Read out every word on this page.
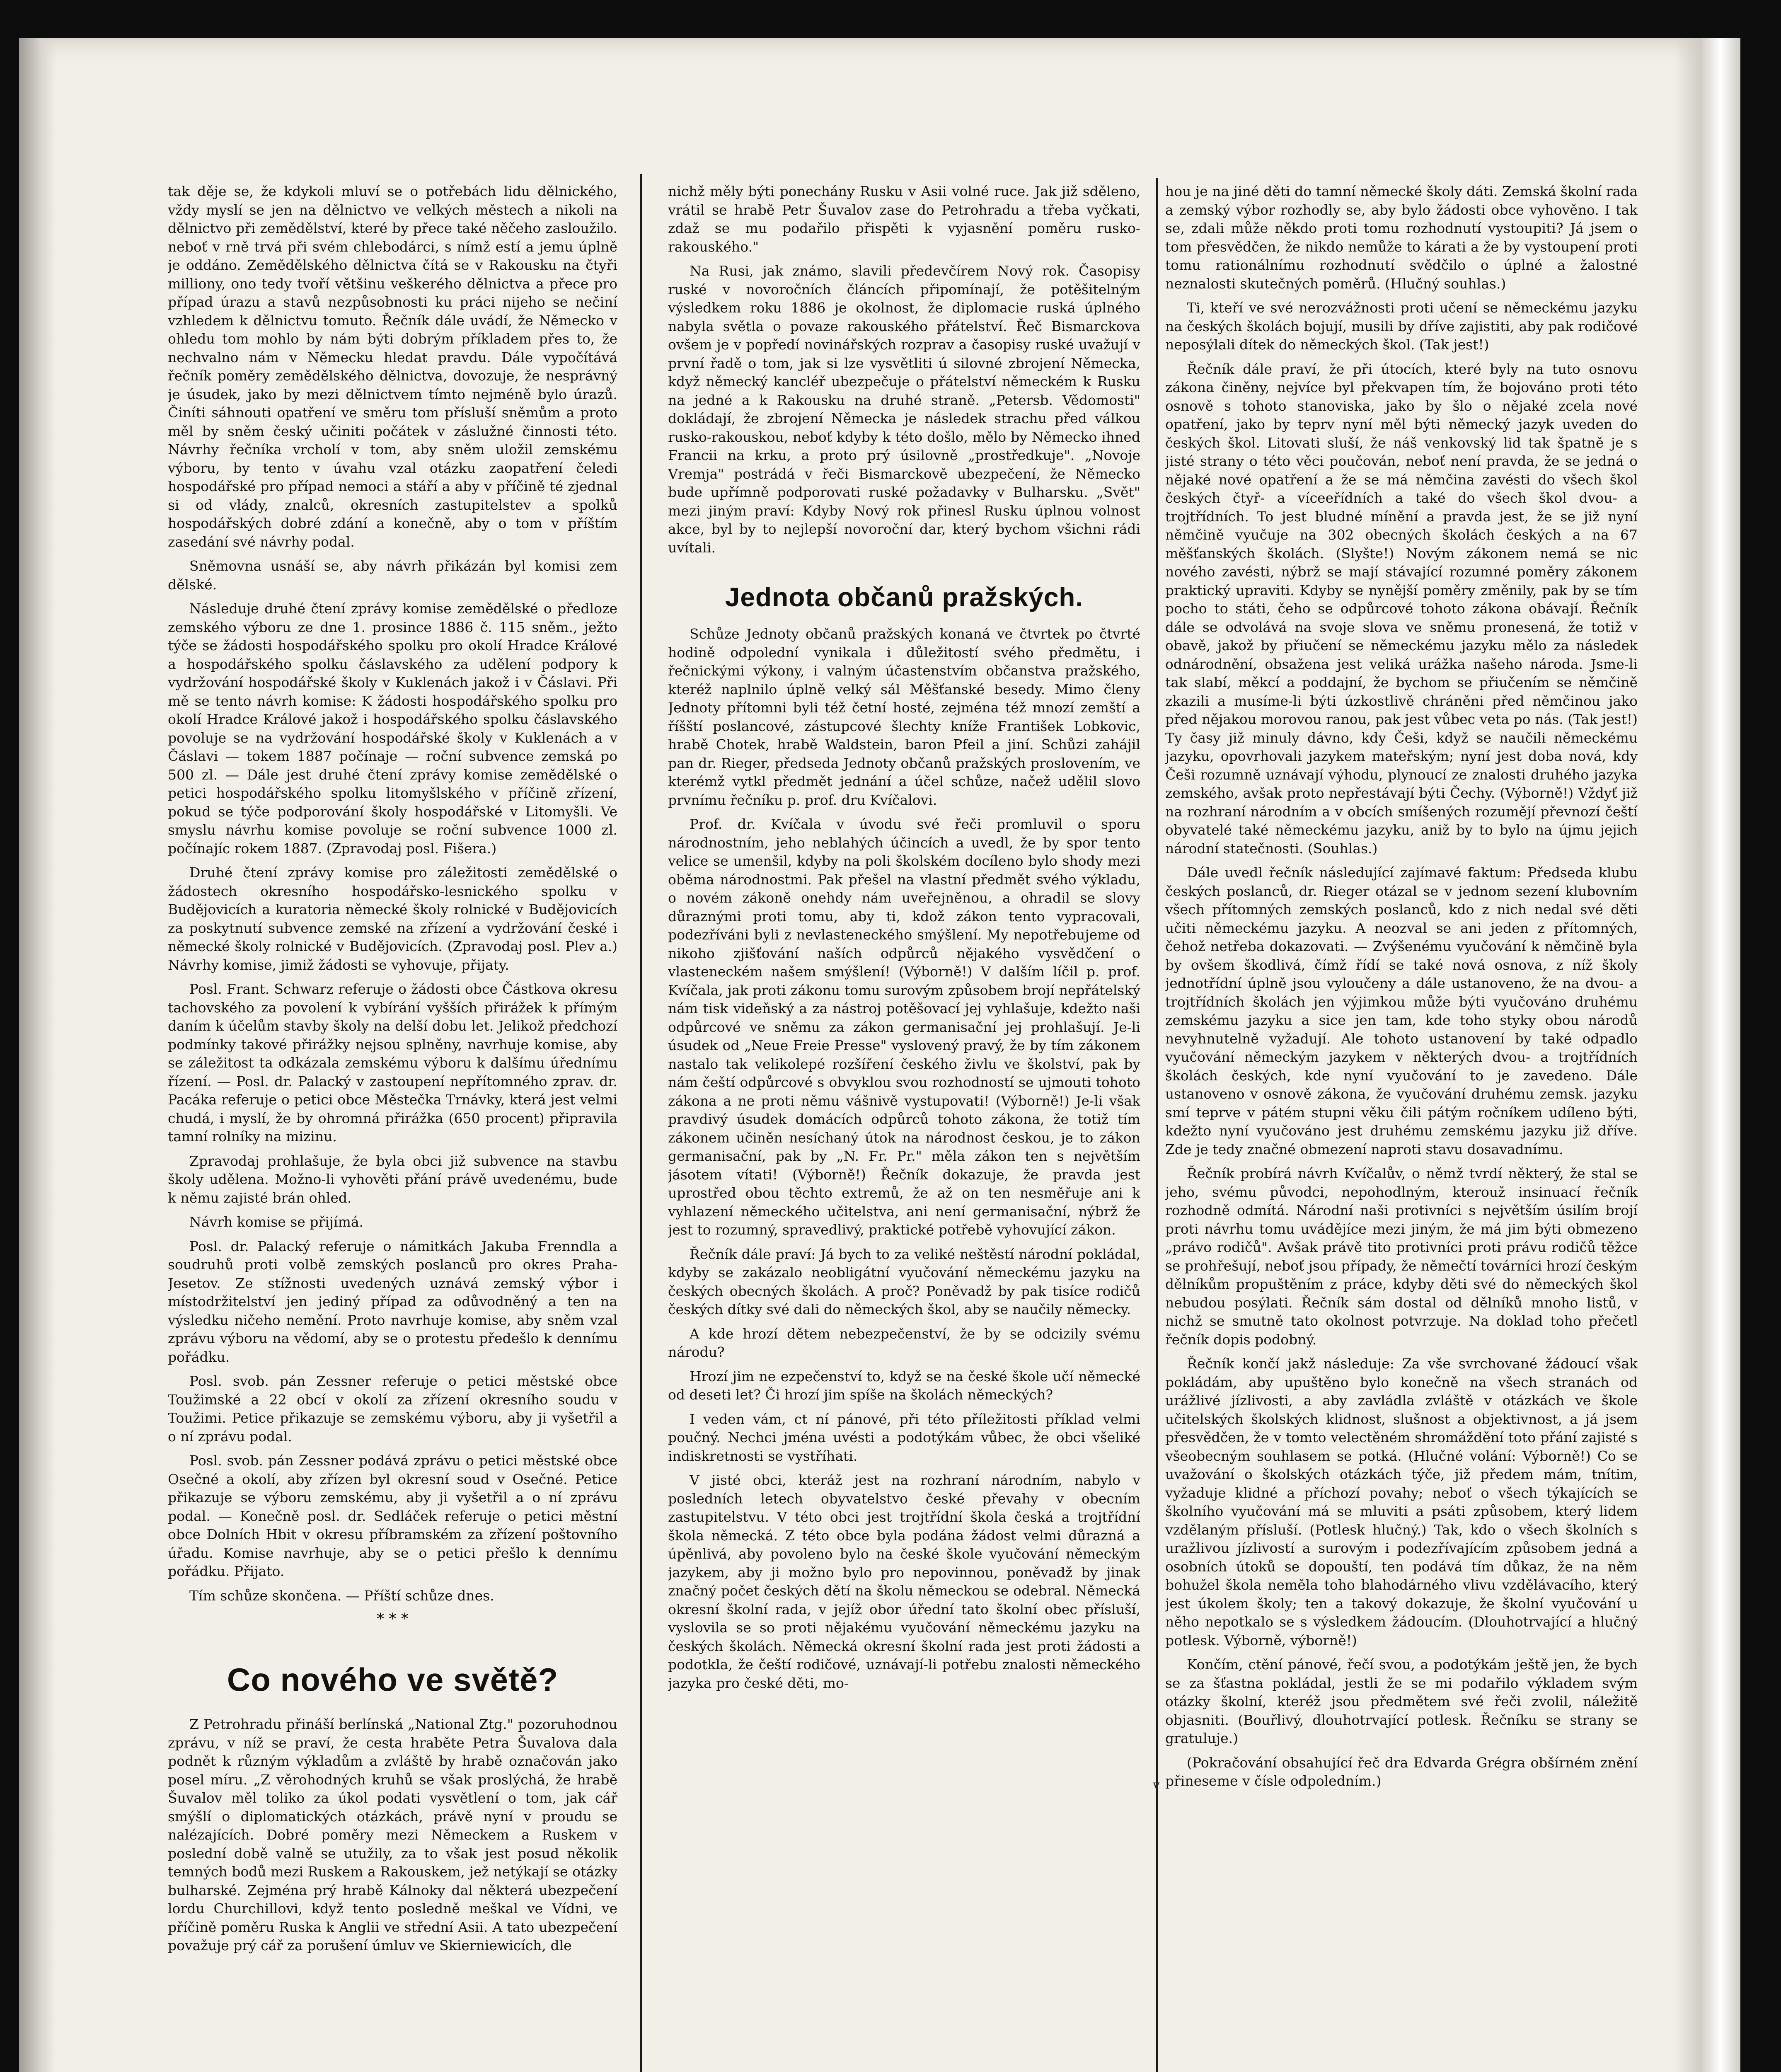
v

tak děje se, že kdykoli mluví se o potřebách lidu dělnického, vždy myslí se jen na dělnictvo ve velkých městech a nikoli na dělnictvo při zemědělství, které by přece také něčeho zasloužilo. neboť v rně trvá při svém chlebodárci, s nímž estí a jemu úplně je oddáno. Zemědělského dělnictva čítá se v Rakousku na čtyři milliony, ono tedy tvoří většinu veškerého dělnictva a přece pro případ úrazu a stavů nezpůsobnosti ku práci nijeho se nečiní vzhledem k dělnictvu tomuto. Řečník dále uvádí, že Německo v ohledu tom mohlo by nám býti dobrým příkladem přes to, že nechvalno nám v Německu hledat pravdu. Dále vypočítává řečník poměry zemědělského dělnictva, dovozuje, že nesprávný je úsudek, jako by mezi dělnictvem tímto nejméně bylo úrazů. Činíti sáhnouti opatření ve směru tom přísluší sněmům a proto měl by sněm český učiniti počátek v záslužné činnosti této. Návrhy řečníka vrcholí v tom, aby sněm uložil zemskému výboru, by tento v úvahu vzal otázku zaopatření čeledi hospodářské pro případ nemoci a stáří a aby v příčině té zjednal si od vlády, znalců, okresních zastupitelstev a spolků hospodářských dobré zdání a konečně, aby o tom v příštím zasedání své návrhy podal.

Sněmovna usnáší se, aby návrh přikázán byl komisi zem dělské.

Následuje druhé čtení zprávy komise zemědělské o předloze zemského výboru ze dne 1. prosince 1886 č. 115 sněm., ježto týče se žádosti hospodářského spolku pro okolí Hradce Králové a hospodářského spolku čáslavského za udělení podpory k vydržování hospodářské školy v Kuklenách jakož i v Čáslavi. Při mě se tento návrh komise: K žádosti hospodářského spolku pro okolí Hradce Králové jakož i hospodářského spolku čáslavského povoluje se na vydržování hospodářské školy v Kuklenách a v Čáslavi — tokem 1887 počínaje — roční subvence zemská po 500 zl. — Dále jest druhé čtení zprávy komise zemědělské o petici hospodářského spolku litomyšlského v příčině zřízení, pokud se týče podporování školy hospodářské v Litomyšli. Ve smyslu návrhu komise povoluje se roční subvence 1000 zl. počínajíc rokem 1887. (Zpravodaj posl. Fišera.)

Druhé čtení zprávy komise pro záležitosti zemědělské o žádostech okresního hospodářsko-lesnického spolku v Budějovicích a kuratoria německé školy rolnické v Budějovicích za poskytnutí subvence zemské na zřízení a vydržování české i německé školy rolnické v Budějovicích. (Zpravodaj posl. Plev a.) Návrhy komise, jimiž žádosti se vyhovuje, přijaty.

Posl. Frant. Schwarz referuje o žádosti obce Částkova okresu tachovského za povolení k vybírání vyšších přirážek k přímým daním k účelům stavby školy na delší dobu let. Jelikož předchozí podmínky takové přirážky nejsou splněny, navrhuje komise, aby se záležitost ta odkázala zemskému výboru k dalšímu úřednímu řízení. — Posl. dr. Palacký v zastoupení nepřítomného zprav. dr. Pacáka referuje o petici obce Městečka Trnávky, která jest velmi chudá, i myslí, že by ohromná přirážka (650 procent) připravila tamní rolníky na mizinu.

Zpravodaj prohlašuje, že byla obci již subvence na stavbu školy udělena. Možno-li vyhověti přání právě uvedenému, bude k němu zajisté brán ohled.

Návrh komise se přijímá.

Posl. dr. Palacký referuje o námitkách Jakuba Frenndla a soudruhů proti volbě zemských poslanců pro okres Praha-Jesetov. Ze stížnosti uvedených uznává zemský výbor i místodržitelství jen jediný případ za odůvodněný a ten na výsledku ničeho nemění. Proto navrhuje komise, aby sněm vzal zprávu výboru na vědomí, aby se o protestu předešlo k dennímu pořádku.

Posl. svob. pán Zessner referuje o petici městské obce Toužimské a 22 obcí v okolí za zřízení okresního soudu v Toužimi. Petice přikazuje se zemskému výboru, aby ji vyšetřil a o ní zprávu podal.

Posl. svob. pán Zessner podává zprávu o petici městské obce Osečné a okolí, aby zřízen byl okresní soud v Osečné. Petice přikazuje se výboru zemskému, aby ji vyšetřil a o ní zprávu podal. — Konečně posl. dr. Sedláček referuje o petici městní obce Dolních Hbit v okresu příbramském za zřízení poštovního úřadu. Komise navrhuje, aby se o petici přešlo k dennímu pořádku. Přijato.

Tím schůze skončena. — Příští schůze dnes.

* * *
Co nového ve světě?

Z Petrohradu přináší berlínská „National Ztg." pozoruhodnou zprávu, v níž se praví, že cesta hraběte Petra Šuvalova dala podnět k různým výkladům a zvláště by hrabě označován jako posel míru. „Z věrohodných kruhů se však proslýchá, že hrabě Šuvalov měl toliko za úkol podati vysvětlení o tom, jak cář smýšlí o diplomatických otázkách, právě nyní v proudu se nalézajících. Dobré poměry mezi Německem a Ruskem v poslední době valně se utužily, za to však jest posud několik temných bodů mezi Ruskem a Rakouskem, jež netýkají se otázky bulharské. Zejména prý hrabě Kálnoky dal některá ubezpečení lordu Churchillovi, když tento posledně meškal ve Vídni, ve příčině poměru Ruska k Anglii ve střední Asii. A tato ubezpečení považuje prý cář za porušení úmluv ve Skierniewicích, dle

nichž měly býti ponechány Rusku v Asii volné ruce. Jak již sděleno, vrátil se hrabě Petr Šuvalov zase do Petrohradu a třeba vyčkati, zdaž se mu podařilo přispěti k vyjasnění poměru rusko-rakouského."

Na Rusi, jak známo, slavili předevčírem Nový rok. Časopisy ruské v novoročních článcích připomínají, že potěšitelným výsledkem roku 1886 je okolnost, že diplomacie ruská úplného nabyla světla o povaze rakouského přátelství. Řeč Bismarckova ovšem je v popředí novinářských rozprav a časopisy ruské uvažují v první řadě o tom, jak si lze vysvětliti ú silovné zbrojení Německa, když německý kancléř ubezpečuje o přátelství německém k Rusku na jedné a k Rakousku na druhé straně. „Petersb. Vědomosti" dokládají, že zbrojení Německa je následek strachu před válkou rusko-rakouskou, neboť kdyby k této došlo, mělo by Německo ihned Francii na krku, a proto prý úsilovně „prostředkuje". „Novoje Vremja" postrádá v řeči Bismarckově ubezpečení, že Německo bude upřímně podporovati ruské požadavky v Bulharsku. „Svět" mezi jiným praví: Kdyby Nový rok přinesl Rusku úplnou volnost akce, byl by to nejlepší novoroční dar, který bychom všichni rádi uvítali.

Jednota občanů pražských.

Schůze Jednoty občanů pražských konaná ve čtvrtek po čtvrté hodině odpolední vynikala i důležitostí svého předmětu, i řečnickými výkony, i valným účastenstvím občanstva pražského, kteréž naplnilo úplně velký sál Měšťanské besedy. Mimo členy Jednoty přítomni byli též četní hosté, zejména též mnozí zemští a říšští poslancové, zástupcové šlechty kníže František Lobkovic, hrabě Chotek, hrabě Waldstein, baron Pfeil a jiní. Schůzi zahájil pan dr. Rieger, předseda Jednoty občanů pražských proslovením, ve kterémž vytkl předmět jednání a účel schůze, načež udělil slovo prvnímu řečníku p. prof. dru Kvíčalovi.

Prof. dr. Kvíčala v úvodu své řeči promluvil o sporu národnostním, jeho neblahých účincích a uvedl, že by spor tento velice se umenšil, kdyby na poli školském docíleno bylo shody mezi oběma národnostmi. Pak přešel na vlastní předmět svého výkladu, o novém zákoně onehdy nám uveřejněnou, a ohradil se slovy důraznými proti tomu, aby ti, kdož zákon tento vypracovali, podezříváni byli z nevlasteneckého smýšlení. My nepotřebujeme od nikoho zjišťování naších odpůrců nějakého vysvědčení o vlasteneckém našem smýšlení! (Výborně!) V dalším líčil p. prof. Kvíčala, jak proti zákonu tomu surovým způsobem brojí nepřátelský nám tisk videňský a za nástroj potěšovací jej vyhlašuje, kdežto naši odpůrcové ve sněmu za zákon germanisační jej prohlašují. Je-li úsudek od „Neue Freie Presse" vyslovený pravý, že by tím zákonem nastalo tak velikolepé rozšíření českého živlu ve školství, pak by nám čeští odpůrcové s obvyklou svou rozhodností se ujmouti tohoto zákona a ne proti němu vášnivě vystupovati! (Výborně!) Je-li však pravdivý úsudek domácích odpůrců tohoto zákona, že totiž tím zákonem učiněn nesíchaný útok na národnost českou, je to zákon germanisační, pak by „N. Fr. Pr." měla zákon ten s největším jásotem vítati! (Výborně!) Řečník dokazuje, že pravda jest uprostřed obou těchto extremů, že až on ten nesměřuje ani k vyhlazení německého učitelstva, ani není germanisační, nýbrž že jest to rozumný, spravedlivý, praktické potřebě vyhovující zákon.

Řečník dále praví: Já bych to za veliké neštěstí národní pokládal, kdyby se zakázalo neobligátní vyučování německému jazyku na českých obecných školách. A proč? Poněvadž by pak tisíce rodičů českých dítky své dali do německých škol, aby se naučily německy.

A kde hrozí dětem nebezpečenství, že by se odcizily svému národu?

Hrozí jim ne ezpečenství to, když se na české škole učí německé od deseti let? Či hrozí jim spíše na školách německých?

I veden vám, ct ní pánové, při této příležitosti příklad velmi poučný. Nechci jména uvésti a podotýkám vůbec, že obci všeliké indiskretnosti se vystříhati.

V jisté obci, kteráž jest na rozhraní národním, nabylo v posledních letech obyvatelstvo české převahy v obecním zastupitelstvu. V této obci jest trojtřídní škola česká a trojtřídní škola německá. Z této obce byla podána žádost velmi důrazná a úpěnlivá, aby povoleno bylo na české škole vyučování německým jazykem, aby ji možno bylo pro nepovinnou, poněvadž by jinak značný počet českých dětí na školu německou se odebral. Německá okresní školní rada, v jejíž obor úřední tato školní obec přísluší, vyslovila se so proti nějakému vyučování německému jazyku na českých školách. Německá okresní školní rada jest proti žádosti a podotkla, že čeští rodičové, uznávají-li potřebu znalosti německého jazyka pro české děti, mo-

hou je na jiné děti do tamní německé školy dáti. Zemská školní rada a zemský výbor rozhodly se, aby bylo žádosti obce vyhověno. I tak se, zdali může někdo proti tomu rozhodnutí vystoupiti? Já jsem o tom přesvědčen, že nikdo nemůže to kárati a že by vystoupení proti tomu rationálnímu rozhodnutí svědčilo o úplné a žalostné neznalosti skutečných poměrů. (Hlučný souhlas.)

Ti, kteří ve své nerozvážnosti proti učení se německému jazyku na českých školách bojují, musili by dříve zajistiti, aby pak rodičové neposýlali dítek do německých škol. (Tak jest!)

Řečník dále praví, že při útocích, které byly na tuto osnovu zákona činěny, nejvíce byl překvapen tím, že bojováno proti této osnově s tohoto stanoviska, jako by šlo o nějaké zcela nové opatření, jako by teprv nyní měl býti německý jazyk uveden do českých škol. Litovati sluší, že náš venkovský lid tak špatně je s jisté strany o této věci poučován, neboť není pravda, že se jedná o nějaké nové opatření a že se má němčina zavésti do všech škol českých čtyř- a víceeřídních a také do všech škol dvou- a trojtřídních. To jest bludné mínění a pravda jest, že se již nyní němčině vyučuje na 302 obecných školách českých a na 67 měšťanských školách. (Slyšte!) Novým zákonem nemá se nic nového zavésti, nýbrž se mají stávající rozumné poměry zákonem praktický upraviti. Kdyby se nynější poměry změnily, pak by se tím pocho to státi, čeho se odpůrcové tohoto zákona obávají. Řečník dále se odvolává na svoje slova ve sněmu pronesená, že totiž v obavě, jakož by přiučení se německému jazyku mělo za následek odnárodnění, obsažena jest veliká urážka našeho národa. Jsme-li tak slabí, měkcí a poddajní, že bychom se přiučením se němčině zkazili a musíme-li býti úzkostlivě chráněni před němčinou jako před nějakou morovou ranou, pak jest vůbec veta po nás. (Tak jest!) Ty časy již minuly dávno, kdy Češi, když se naučili německému jazyku, opovrhovali jazykem mateřským; nyní jest doba nová, kdy Češi rozumně uznávají výhodu, plynoucí ze znalosti druhého jazyka zemského, avšak proto nepřestávají býti Čechy. (Výborně!) Vždyť již na rozhraní národním a v obcích smíšených rozumějí převnozí čeští obyvatelé také německému jazyku, aniž by to bylo na újmu jejich národní statečnosti. (Souhlas.)

Dále uvedl řečník následující zajímavé faktum: Předseda klubu českých poslanců, dr. Rieger otázal se v jednom sezení klubovním všech přítomných zemských poslanců, kdo z nich nedal své děti učiti německému jazyku. A neozval se ani jeden z přítomných, čehož netřeba dokazovati. — Zvýšenému vyučování k němčině byla by ovšem škodlivá, čímž řídí se také nová osnova, z níž školy jednotřídní úplně jsou vyloučeny a dále ustanoveno, že na dvou- a trojtřídních školách jen výjimkou může býti vyučováno druhému zemskému jazyku a sice jen tam, kde toho styky obou národů nevyhnutelně vyžadují. Ale tohoto ustanovení by také odpadlo vyučování německým jazykem v některých dvou- a trojtřídních školách českých, kde nyní vyučování to je zavedeno. Dále ustanoveno v osnově zákona, že vyučování druhému zemsk. jazyku smí teprve v pátém stupni věku čili pátým ročníkem udíleno býti, kdežto nyní vyučováno jest druhému zemskému jazyku již dříve. Zde je tedy značné obmezení naproti stavu dosavadnímu.

Řečník probírá návrh Kvíčalův, o němž tvrdí některý, že stal se jeho, svému původci, nepohodlným, kterouž insinuací řečník rozhodně odmítá. Národní naši protivníci s největším úsilím brojí proti návrhu tomu uvádějíce mezi jiným, že má jim býti obmezeno „právo rodičů". Avšak právě tito protivníci proti právu rodičů těžce se prohřešují, neboť jsou případy, že němečtí továrníci hrozí českým dělníkům propuštěním z práce, kdyby děti své do německých škol nebudou posýlati. Řečník sám dostal od dělníků mnoho listů, v nichž se smutně tato okolnost potvrzuje. Na doklad toho přečetl řečník dopis podobný.

Řečník končí jakž následuje: Za vše svrchované žádoucí však pokládám, aby upuštěno bylo konečně na všech stranách od urážlivé jízlivosti, a aby zavládla zvláště v otázkách ve škole učitelských školských klidnost, slušnost a objektivnost, a já jsem přesvědčen, že v tomto velectěném shromáždění toto přání zajisté s všeobecným souhlasem se potká. (Hlučné volání: Výborně!) Co se uvažování o školských otázkách týče, již předem mám, tnítim, vyžaduje klidné a příchozí povahy; neboť o všech týkajících se školního vyučování má se mluviti a psáti způsobem, který lidem vzdělaným přísluší. (Potlesk hlučný.) Tak, kdo o všech školních s uražlivou jízlivostí a surovým i podezřívajícím způsobem jedná a osobních útoků se dopouští, ten podává tím důkaz, že na něm bohužel škola neměla toho blahodárného vlivu vzdělávacího, který jest úkolem školy; ten a takový dokazuje, že školní vyučování u něho nepotkalo se s výsledkem žádoucím. (Dlouhotrvající a hlučný potlesk. Výborně, výborně!)

Končím, ctění pánové, řečí svou, a podotýkám ještě jen, že bych se za šťastna pokládal, jestli že se mi podařilo výkladem svým otázky školní, kteréž jsou předmětem své řeči zvolil, náležitě objasniti. (Bouřlivý, dlouhotrvající potlesk. Řečníku se strany se gratuluje.)

(Pokračování obsahující řeč dra Edvarda Grégra obšírném znění přineseme v čísle odpoledním.)
